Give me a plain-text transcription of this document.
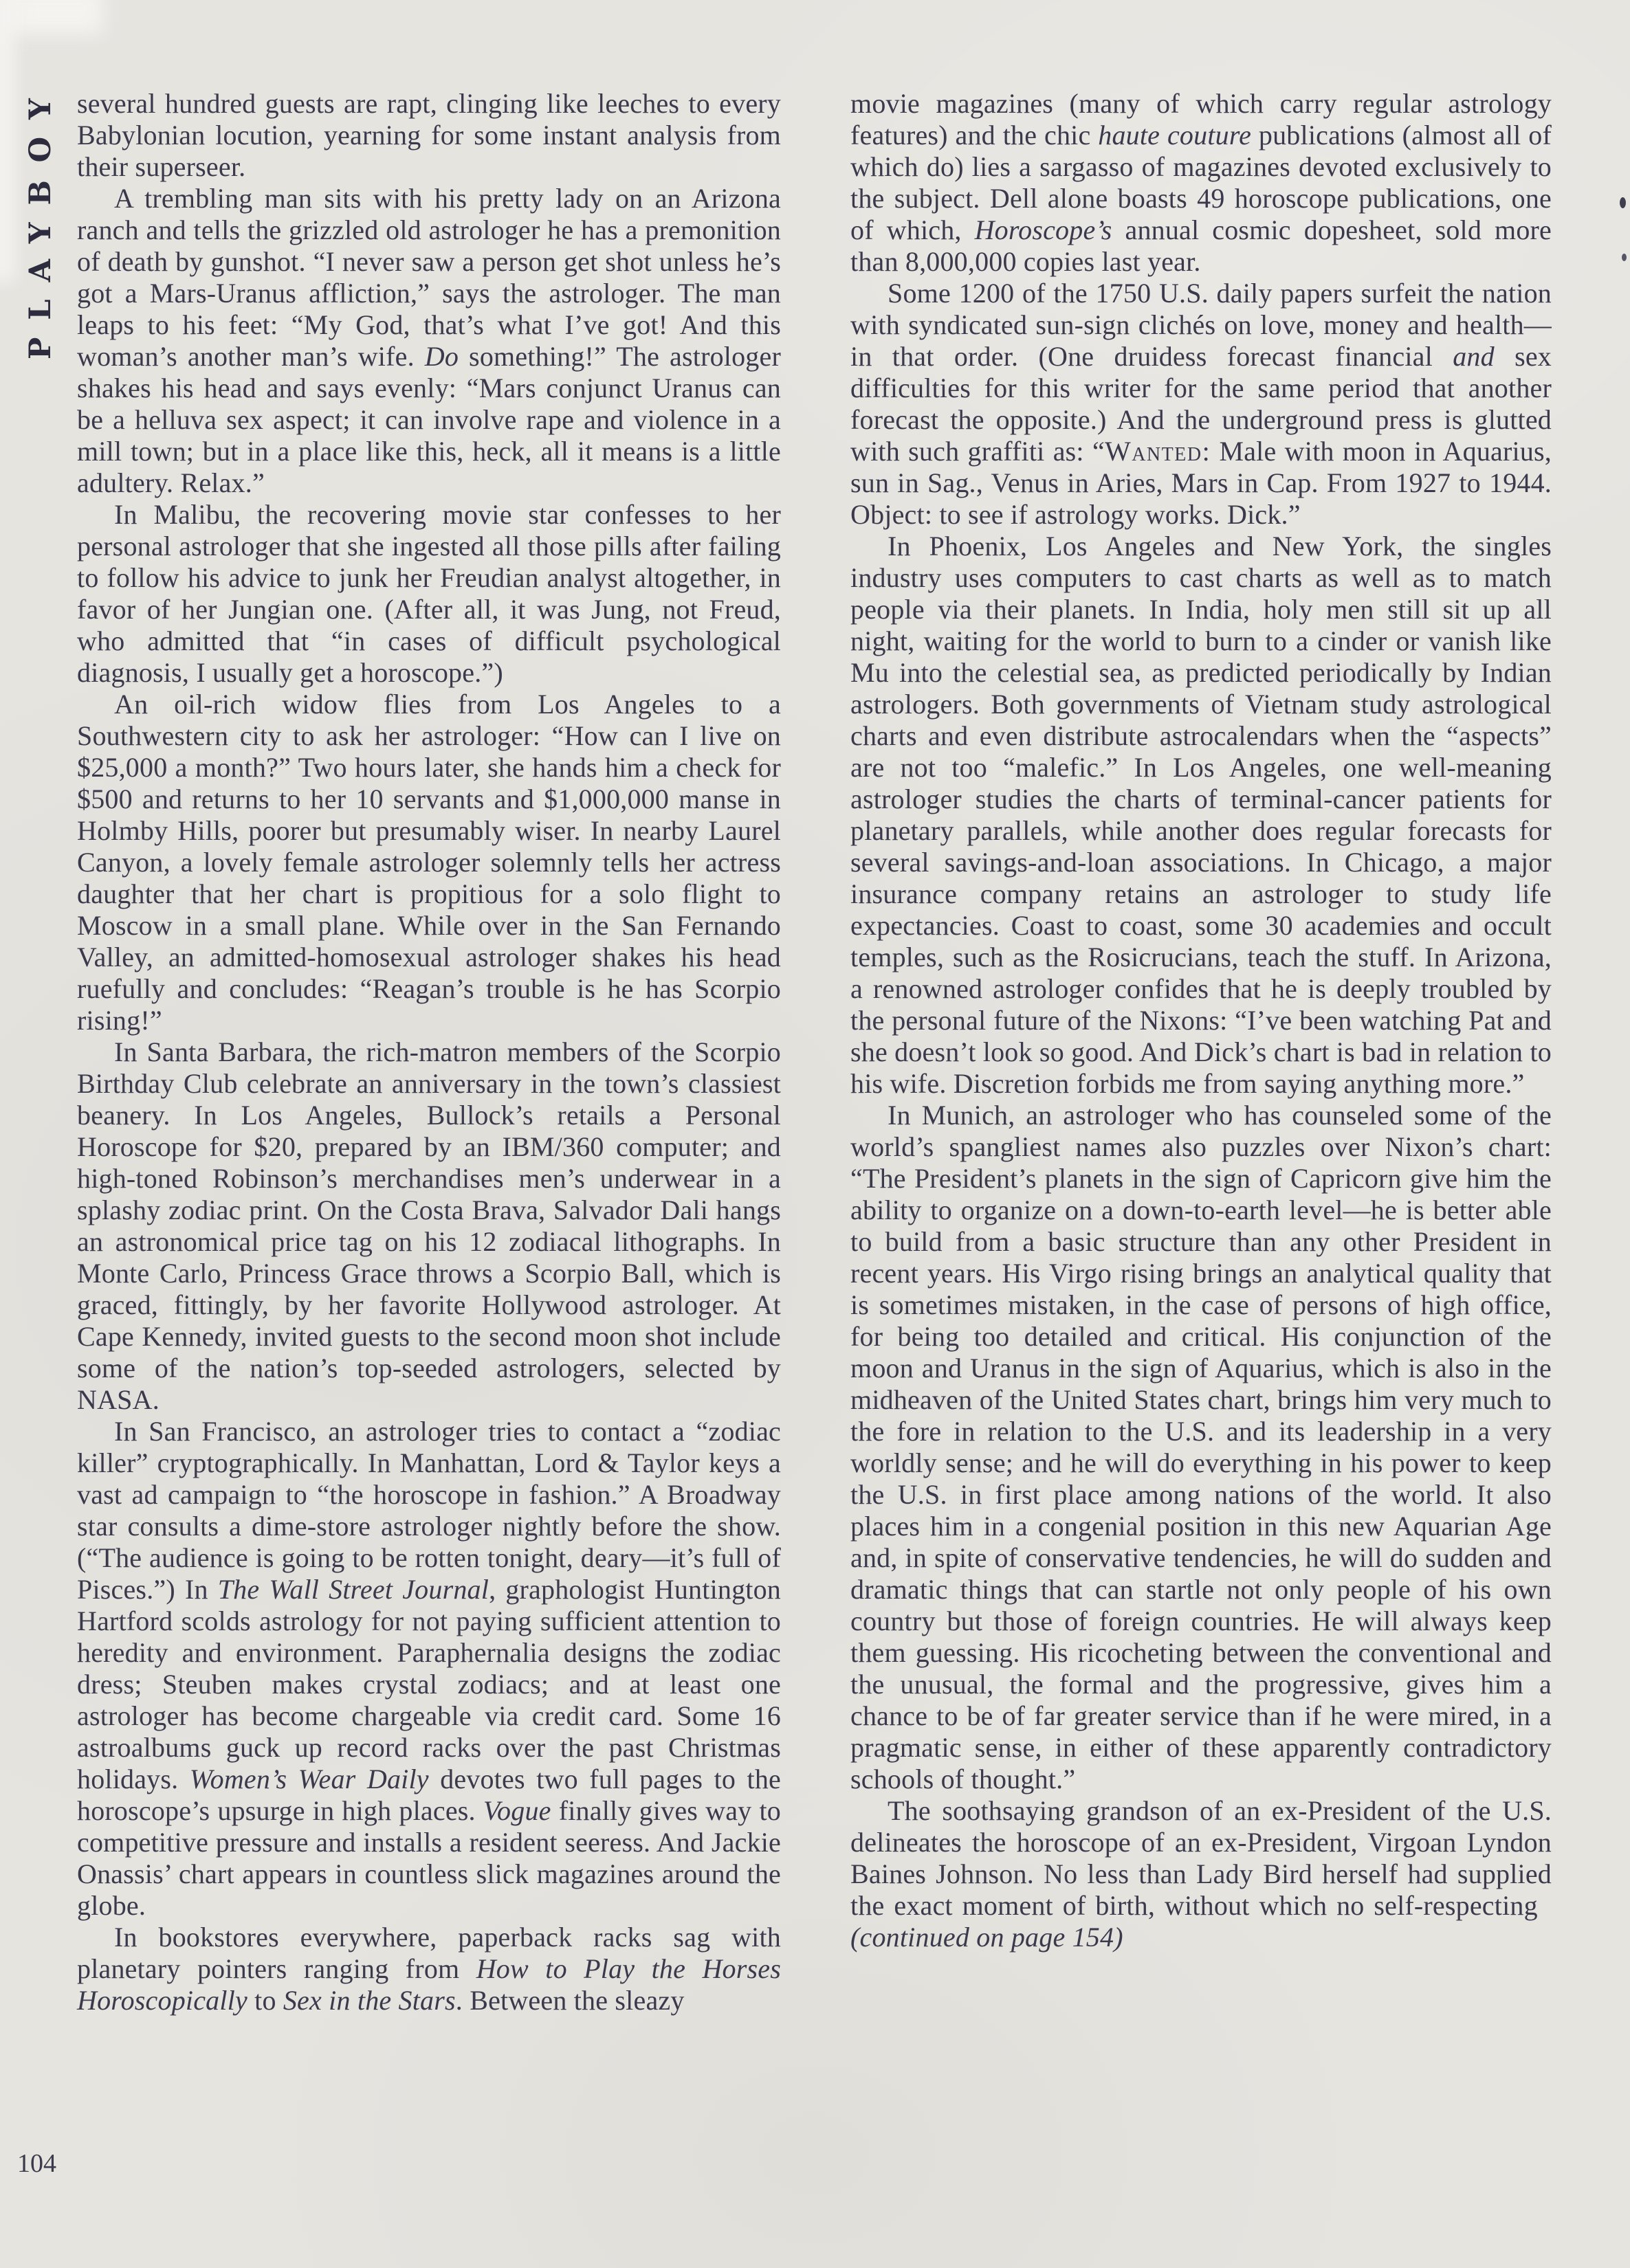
PLAYBOY several hundred guests are rapt, clinging like leeches to every Babylonian locution, yearning for some instant analysis from their superseer.

A trembling man sits with his pretty lady on an Arizona ranch and tells the grizzled old astrologer he has a premonition of death by gunshot. “I never saw a person get shot unless he’s got a Mars-Uranus affliction,” says the astrologer. The man leaps to his feet: “My God, that’s what I’ve got! And this woman’s another man’s wife. Do something!” The astrologer shakes his head and says evenly: “Mars conjunct Uranus can be a helluva sex aspect; it can involve rape and violence in a mill town; but in a place like this, heck, all it means is a little adultery. Relax.”

In Malibu, the recovering movie star confesses to her personal astrologer that she ingested all those pills after failing to follow his advice to junk her Freudian analyst altogether, in favor of her Jungian one. (After all, it was Jung, not Freud, who admitted that “in cases of difficult psychological diagnosis, I usually get a horoscope.”)

An oil-rich widow flies from Los Angeles to a Southwestern city to ask her astrologer: “How can I live on $25,000 a month?” Two hours later, she hands him a check for $500 and returns to her 10 servants and $1,000,000 manse in Holmby Hills, poorer but presumably wiser. In nearby Laurel Canyon, a lovely female astrologer solemnly tells her actress daughter that her chart is propitious for a solo flight to Moscow in a small plane. While over in the San Fernando Valley, an admitted-homosexual astrologer shakes his head ruefully and concludes: “Reagan’s trouble is he has Scorpio rising!”

In Santa Barbara, the rich-matron members of the Scorpio Birthday Club celebrate an anniversary in the town’s classiest beanery. In Los Angeles, Bullock’s retails a Personal Horoscope for $20, prepared by an IBM/360 computer; and high-toned Robinson’s merchandises men’s underwear in a splashy zodiac print. On the Costa Brava, Salvador Dali hangs an astronomical price tag on his 12 zodiacal lithographs. In Monte Carlo, Princess Grace throws a Scorpio Ball, which is graced, fittingly, by her favorite Hollywood astrologer. At Cape Kennedy, invited guests to the second moon shot include some of the nation’s top-seeded astrologers, selected by NASA.

In San Francisco, an astrologer tries to contact a “zodiac killer” cryptographically. In Manhattan, Lord & Taylor keys a vast ad campaign to “the horoscope in fashion.” A Broadway star consults a dime-store astrologer nightly before the show. (“The audience is going to be rotten tonight, deary—it’s full of Pisces.”) In The Wall Street Journal, graphologist Huntington Hartford scolds astrology for not paying sufficient attention to heredity and environment. Paraphernalia designs the zodiac dress; Steuben makes crystal zodiacs; and at least one astrologer has become chargeable via credit card. Some 16 astroalbums guck up record racks over the past Christmas holidays. Women’s Wear Daily devotes two full pages to the horoscope’s upsurge in high places. Vogue finally gives way to competitive pressure and installs a resident seeress. And Jackie Onassis’ chart appears in countless slick magazines around the globe.

In bookstores everywhere, paperback racks sag with planetary pointers ranging from How to Play the Horses Horoscopically to Sex in the Stars. Between the sleazy

movie magazines (many of which carry regular astrology features) and the chic haute couture publications (almost all of which do) lies a sargasso of magazines devoted exclusively to the subject. Dell alone boasts 49 horoscope publications, one of which, Horoscope’s annual cosmic dopesheet, sold more than 8,000,000 copies last year.

Some 1200 of the 1750 U.S. daily papers surfeit the nation with syndicated sun-sign clichés on love, money and health—in that order. (One druidess forecast financial and sex difficulties for this writer for the same period that another forecast the opposite.) And the underground press is glutted with such graffiti as: “Wanted: Male with moon in Aquarius, sun in Sag., Venus in Aries, Mars in Cap. From 1927 to 1944. Object: to see if astrology works. Dick.”

In Phoenix, Los Angeles and New York, the singles industry uses computers to cast charts as well as to match people via their planets. In India, holy men still sit up all night, waiting for the world to burn to a cinder or vanish like Mu into the celestial sea, as predicted periodically by Indian astrologers. Both governments of Vietnam study astrological charts and even distribute astrocalendars when the “aspects” are not too “malefic.” In Los Angeles, one well-meaning astrologer studies the charts of terminal-cancer patients for planetary parallels, while another does regular forecasts for several savings-and-loan associations. In Chicago, a major insurance company retains an astrologer to study life expectancies. Coast to coast, some 30 academies and occult temples, such as the Rosicrucians, teach the stuff. In Arizona, a renowned astrologer confides that he is deeply troubled by the personal future of the Nixons: “I’ve been watching Pat and she doesn’t look so good. And Dick’s chart is bad in relation to his wife. Discretion forbids me from saying anything more.”

In Munich, an astrologer who has counseled some of the world’s spangliest names also puzzles over Nixon’s chart: “The President’s planets in the sign of Capricorn give him the ability to organize on a down-to-earth level—he is better able to build from a basic structure than any other President in recent years. His Virgo rising brings an analytical quality that is sometimes mistaken, in the case of persons of high office, for being too detailed and critical. His conjunction of the moon and Uranus in the sign of Aquarius, which is also in the midheaven of the United States chart, brings him very much to the fore in relation to the U.S. and its leadership in a very worldly sense; and he will do everything in his power to keep the U.S. in first place among nations of the world. It also places him in a congenial position in this new Aquarian Age and, in spite of conservative tendencies, he will do sudden and dramatic things that can startle not only people of his own country but those of foreign countries. He will always keep them guessing. His ricocheting between the conventional and the unusual, the formal and the progressive, gives him a chance to be of far greater service than if he were mired, in a pragmatic sense, in either of these apparently contradictory schools of thought.”

The soothsaying grandson of an ex-President of the U.S. delineates the horoscope of an ex-President, Virgoan Lyndon Baines Johnson. No less than Lady Bird herself had supplied the exact moment of birth, without which no self-respecting (continued on page 154)

104
